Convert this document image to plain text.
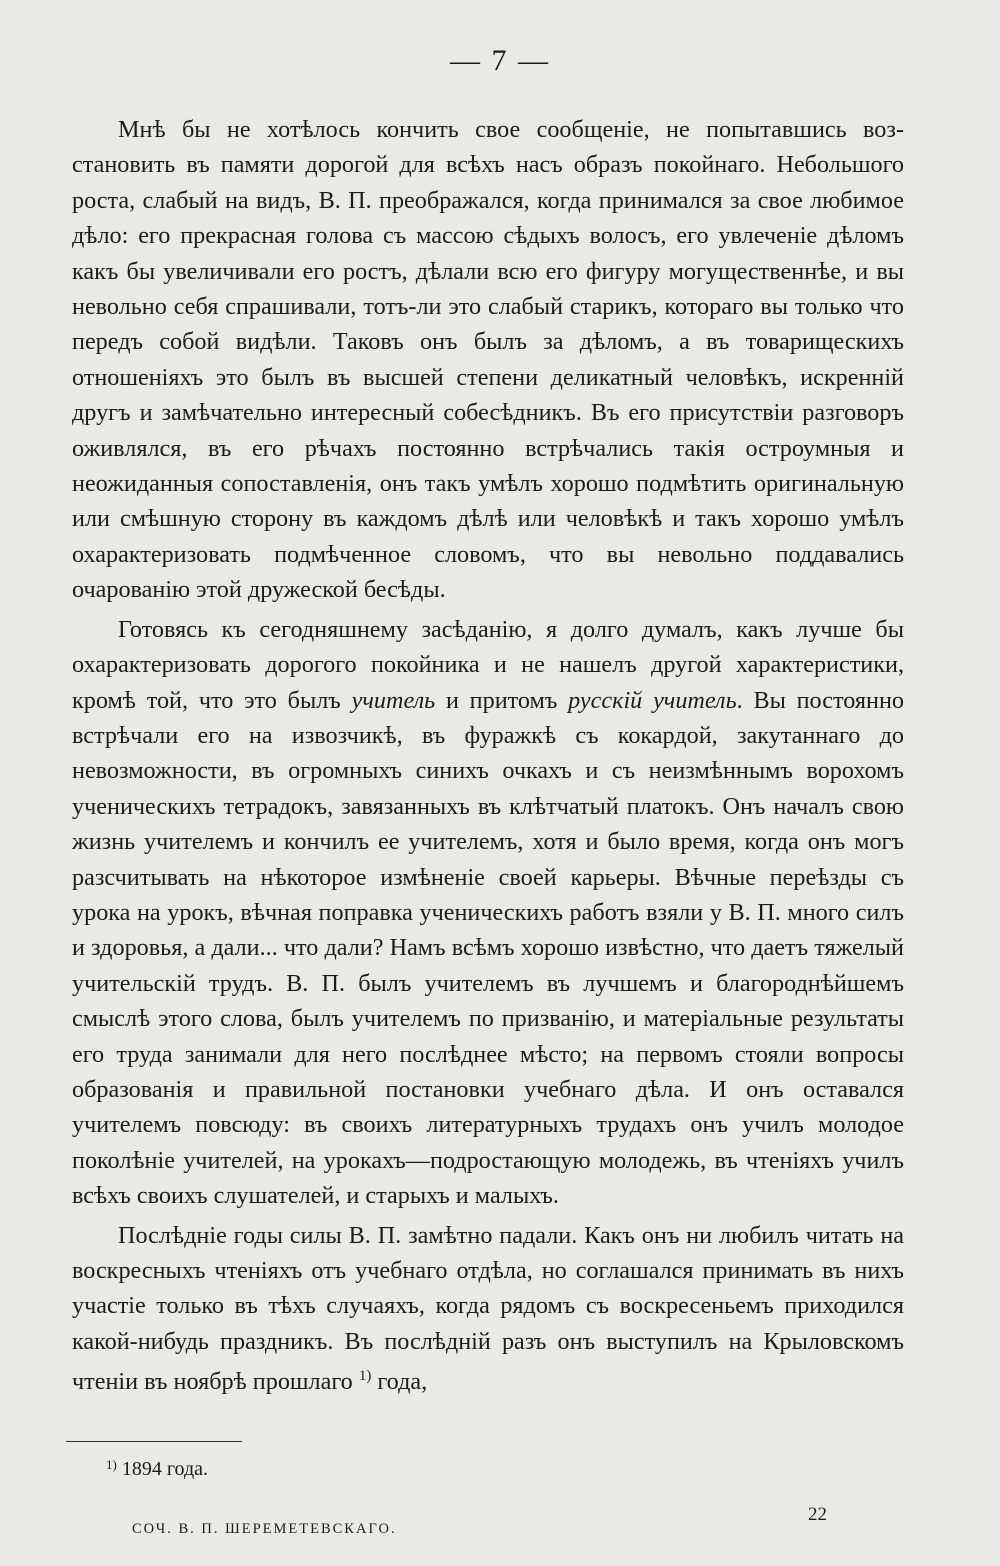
— 7 —

Мнѣ бы не хотѣлось кончить свое сообщенiе, не попытавшись возстановить въ памяти дорогой для всѣхъ насъ образъ покойнаго. Небольшого роста, слабый на видъ, В. П. преображался, когда принимался за свое любимое дѣло: его прекрасная голова съ массою сѣдыхъ волосъ, его увлеченiе дѣломъ какъ бы увеличивали его ростъ, дѣлали всю его фигуру могущественнѣе, и вы невольно себя спрашивали, тотъ-ли это слабый старикъ, котораго вы только что передъ собой видѣли. Таковъ онъ былъ за дѣломъ, а въ товарищескихъ отношенiяхъ это былъ въ высшей степени деликатный человѣкъ, искреннiй другъ и замѣчательно интересный собесѣдникъ. Въ его присутствiи разговоръ оживлялся, въ его рѣчахъ постоянно встрѣчались такiя остроумныя и неожиданныя сопоставленiя, онъ такъ умѣлъ хорошо подмѣтить оригинальную или смѣшную сторону въ каждомъ дѣлѣ или человѣкѣ и такъ хорошо умѣлъ охарактеризовать подмѣченное словомъ, что вы невольно поддавались очарованiю этой дружеской бесѣды.

Готовясь къ сегодняшнему засѣданiю, я долго думалъ, какъ лучше бы охарактеризовать дорогого покойника и не нашелъ другой характеристики, кромѣ той, что это былъ учитель и притомъ русскiй учитель. Вы постоянно встрѣчали его на извозчикѣ, въ фуражкѣ съ кокардой, закутаннаго до невозможности, въ огромныхъ синихъ очкахъ и съ неизмѣннымъ ворохомъ ученическихъ тетрадокъ, завязанныхъ въ клѣтчатый платокъ. Онъ началъ свою жизнь учителемъ и кончилъ ее учителемъ, хотя и было время, когда онъ могъ разсчитывать на нѣкоторое измѣненiе своей карьеры. Вѣчные переѣзды съ урока на урокъ, вѣчная поправка ученическихъ работъ взяли у В. П. много силъ и здоровья, а дали... что дали? Намъ всѣмъ хорошо извѣстно, что даетъ тяжелый учительскiй трудъ. В. П. былъ учителемъ въ лучшемъ и благороднѣйшемъ смыслѣ этого слова, былъ учителемъ по призванiю, и матерiальные результаты его труда занимали для него послѣднее мѣсто; на первомъ стояли вопросы образованiя и правильной постановки учебнаго дѣла. И онъ оставался учителемъ повсюду: въ своихъ литературныхъ трудахъ онъ училъ молодое поколѣнiе учителей, на урокахъ—подростающую молодежь, въ чтенiяхъ училъ всѣхъ своихъ слушателей, и старыхъ и малыхъ.

Послѣднiе годы силы В. П. замѣтно падали. Какъ онъ ни любилъ читать на воскресныхъ чтенiяхъ отъ учебнаго отдѣла, но соглашался принимать въ нихъ участiе только въ тѣхъ случаяхъ, когда рядомъ съ воскресеньемъ приходился какой-нибудь праздникъ. Въ послѣднiй разъ онъ выступилъ на Крыловскомъ чтенiи въ ноябрѣ прошлаго $^{1)}$ года,

$^{1)}$ 1894 года.
СОЧ. В. П. ШЕРЕМЕТЕВСКАГО.
22
